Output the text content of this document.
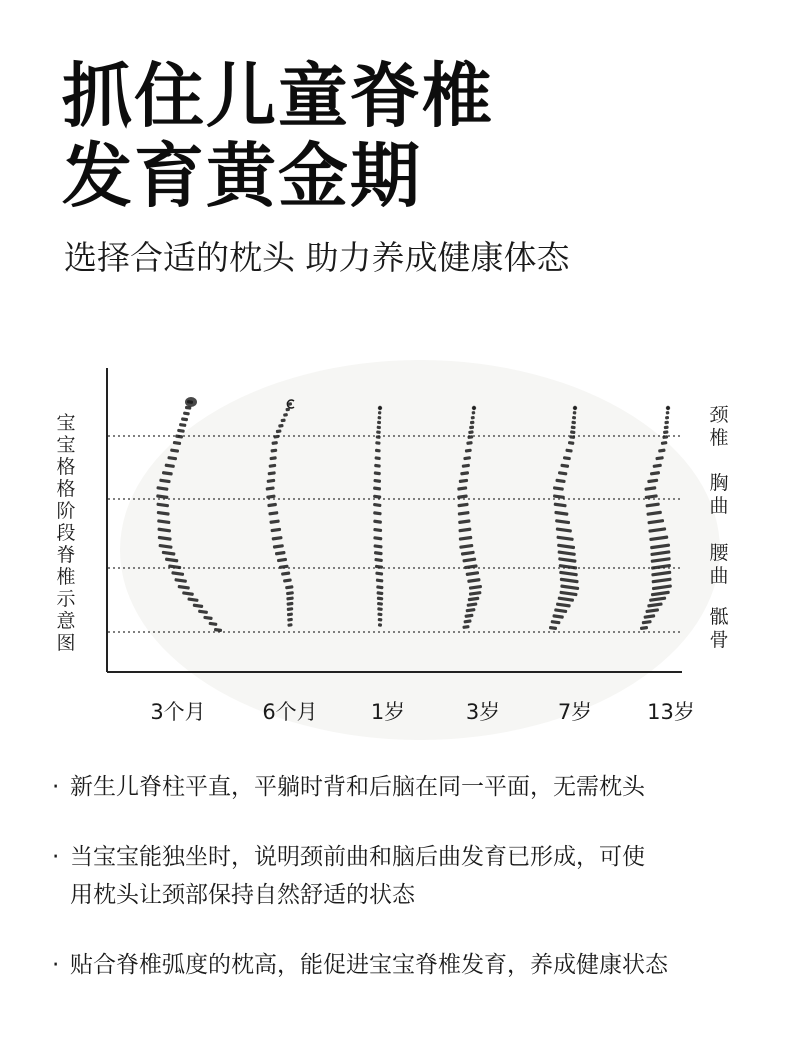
抓住儿童脊椎
发育黄金期
选择合适的枕头 助力养成健康体态
宝
宝
格
格
阶
段
脊
椎
示
意
图
颈
椎
胸
曲
腰
曲
骶
骨
3个月	6个月	1岁	3岁	7岁	13岁
· 新生儿脊柱平直，平躺时背和后脑在同一平面，无需枕头
· 当宝宝能独坐时，说明颈前曲和脑后曲发育已形成，可使
用枕头让颈部保持自然舒适的状态
· 贴合脊椎弧度的枕高，能促进宝宝脊椎发育，养成健康状态
